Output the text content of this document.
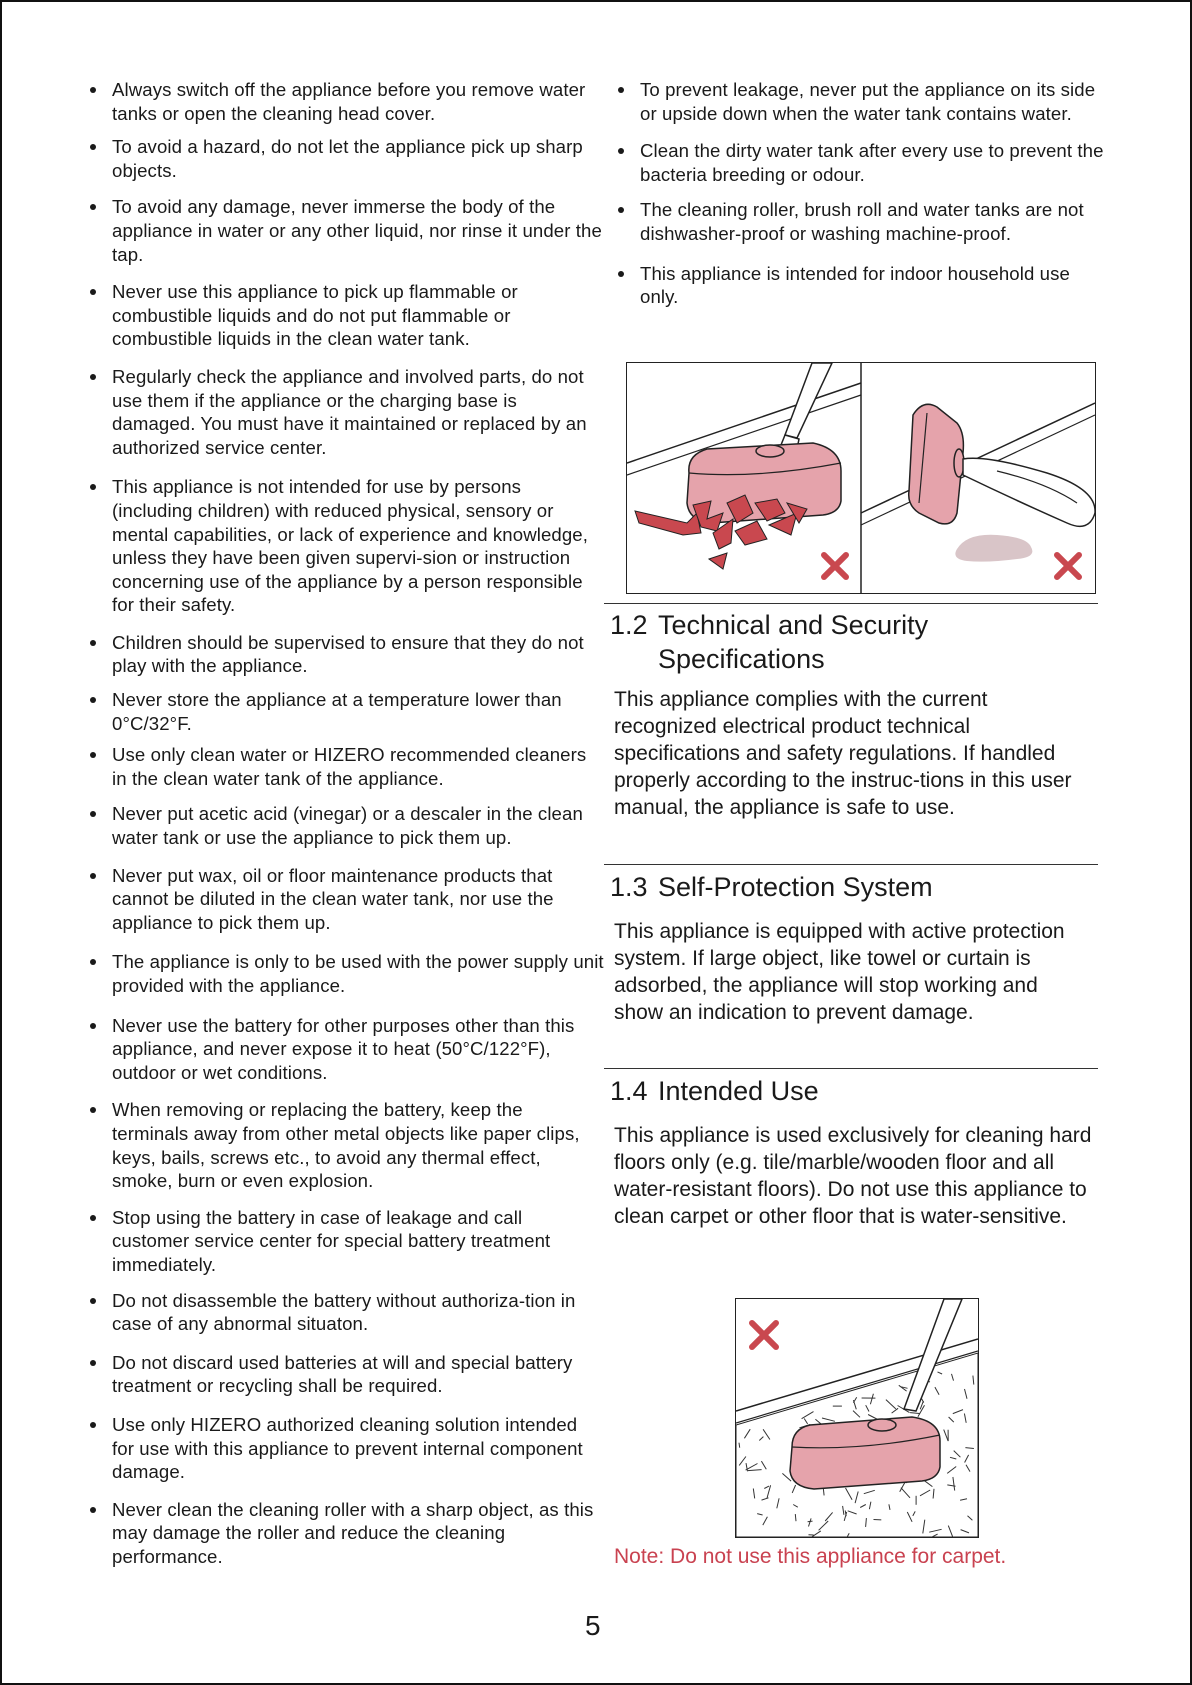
Always switch off the appliance before you remove water tanks or open the cleaning head cover.
To avoid a hazard, do not let the appliance pick up sharp objects.
To avoid any damage, never immerse the body of the appliance in water or any other liquid, nor rinse it under the tap.
Never use this appliance to pick up flammable or combustible liquids and do not put flammable or combustible liquids in the clean water tank.
Regularly check the appliance and involved parts, do not use them if the appliance or the charging base is damaged. You must have it maintained or replaced by an authorized service center.
This appliance is not intended for use by persons (including children) with reduced physical, sensory or mental capabilities, or lack of experience and knowledge, unless they have been given supervi-sion or instruction concerning use of the appliance by a person responsible for their safety.
Children should be supervised to ensure that they do not play with the appliance.
Never store the appliance at a temperature lower than 0°C/32°F.
Use only clean water or HIZERO recommended cleaners in the clean water tank of the appliance.
Never put acetic acid (vinegar) or a descaler in the clean water tank or use the appliance to pick them up.
Never put wax, oil or floor maintenance products that cannot be diluted in the clean water tank, nor use the appliance to pick them up.
The appliance is only to be used with the power supply unit provided with the appliance.
Never use the battery for other purposes other than this appliance, and never expose it to heat (50°C/122°F), outdoor or wet conditions.
When removing or replacing the battery, keep the terminals away from other metal objects like paper clips, keys, bails, screws etc., to avoid any thermal effect, smoke, burn or even explosion.
Stop using the battery in case of leakage and call customer service center for special battery treatment immediately.
Do not disassemble the battery without authoriza-tion in case of any abnormal situaton.
Do not discard used batteries at will and special battery treatment or recycling shall be required.
Use only HIZERO authorized cleaning solution intended for use with this appliance to prevent internal component damage.
Never clean the cleaning roller with a sharp object, as this may damage the roller and reduce the cleaning performance.
To prevent leakage, never put the appliance on its side or upside down when the water tank contains water.
Clean the dirty water tank after every use to prevent the bacteria breeding or odour.
The cleaning roller, brush roll and water tanks are not dishwasher-proof or washing machine-proof.
This appliance is intended for indoor household use only.
1.2 Technical and Security
Specifications
This appliance complies with the current recognized electrical product technical specifications and safety regulations. If handled properly according to the instruc-tions in this user manual, the appliance is safe to use.
1.3 Self-Protection System
This appliance is equipped with active protection system. If large object, like towel or curtain is adsorbed, the appliance will stop working and show an indication to prevent damage.
1.4 Intended Use
This appliance is used exclusively for cleaning hard floors only (e.g. tile/marble/wooden floor and all water-resistant floors). Do not use this appliance to clean carpet or other floor that is water-sensitive.
Note: Do not use this appliance for carpet.
5
